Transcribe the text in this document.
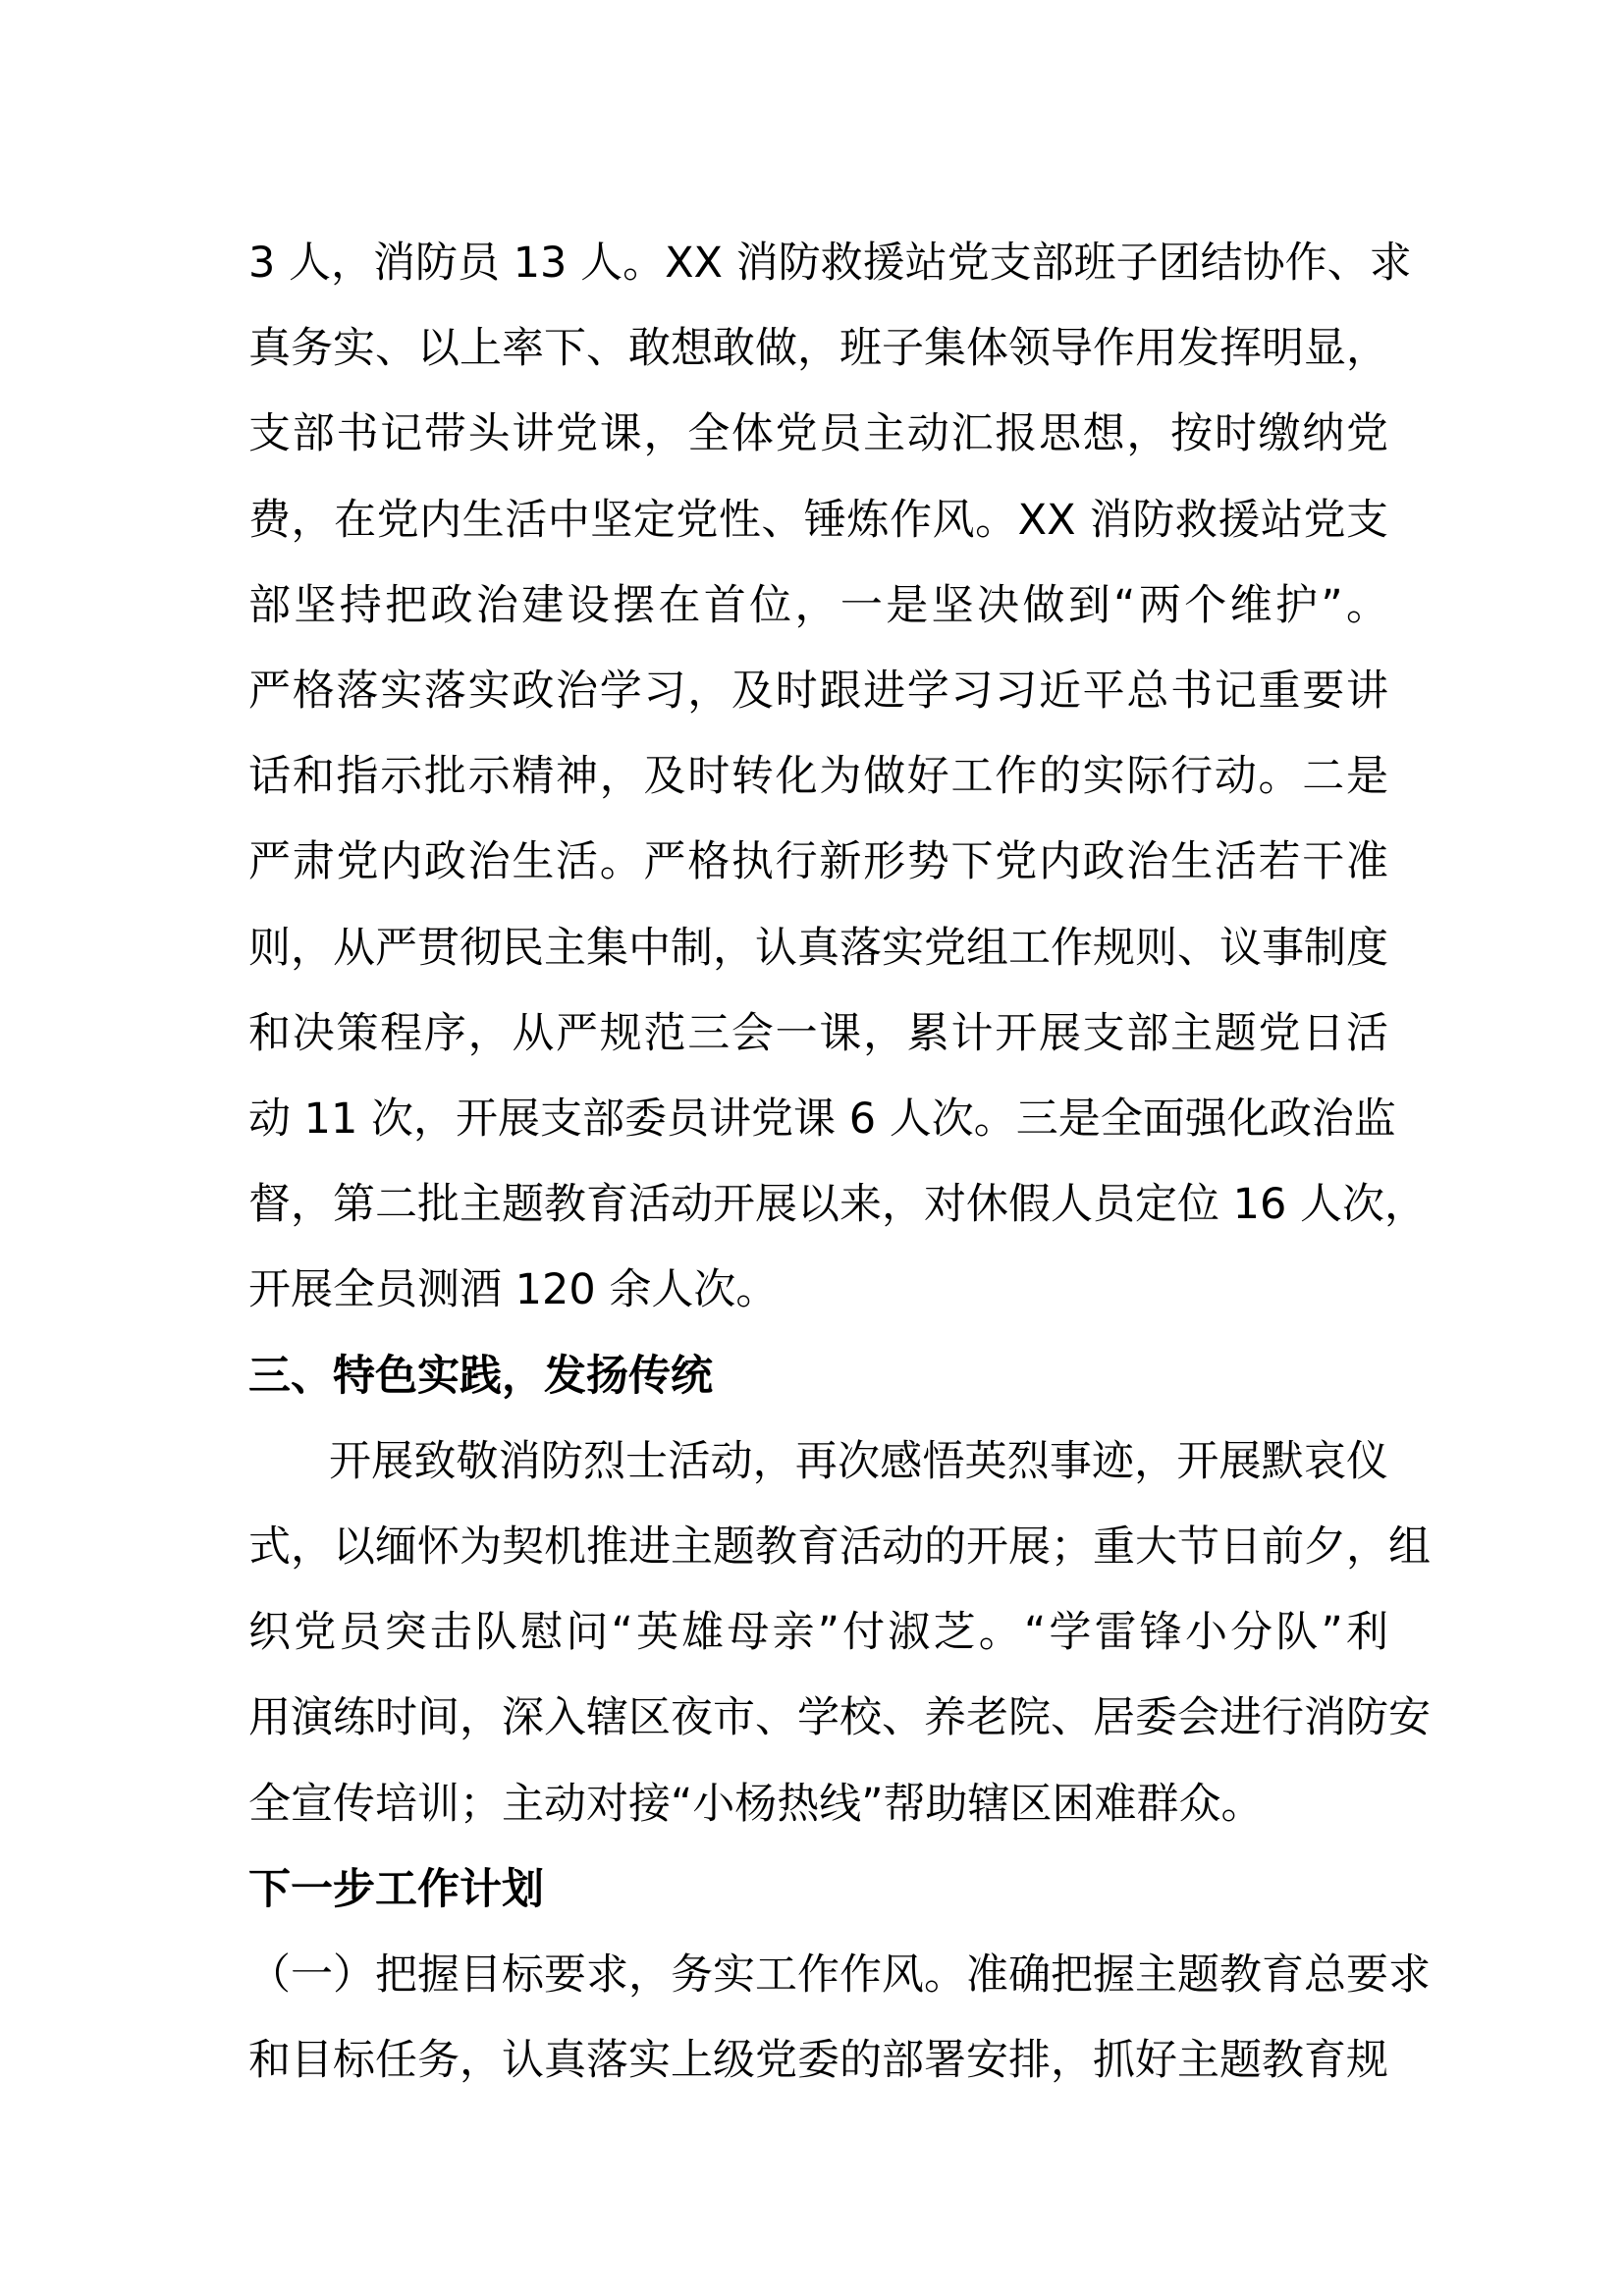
3 人，消防员 13 人。XX 消防救援站党支部班子团结协作、求
真务实、以上率下、敢想敢做，班子集体领导作用发挥明显，
支部书记带头讲党课，全体党员主动汇报思想，按时缴纳党
费，在党内生活中坚定党性、锤炼作风。XX 消防救援站党支
部坚持把政治建设摆在首位，一是坚决做到“两个维护”。
严格落实落实政治学习，及时跟进学习习近平总书记重要讲
话和指示批示精神，及时转化为做好工作的实际行动。二是
严肃党内政治生活。严格执行新形势下党内政治生活若干准
则，从严贯彻民主集中制，认真落实党组工作规则、议事制度
和决策程序，从严规范三会一课，累计开展支部主题党日活
动 11 次，开展支部委员讲党课 6 人次。三是全面强化政治监
督，第二批主题教育活动开展以来，对休假人员定位 16 人次，
开展全员测酒 120 余人次。
三、特色实践，发扬传统
开展致敬消防烈士活动，再次感悟英烈事迹，开展默哀仪
式，以缅怀为契机推进主题教育活动的开展；重大节日前夕，组
织党员突击队慰问“英雄母亲”付淑芝。“学雷锋小分队”利
用演练时间，深入辖区夜市、学校、养老院、居委会进行消防安
全宣传培训；主动对接“小杨热线”帮助辖区困难群众。
下一步工作计划
（一）把握目标要求，务实工作作风。准确把握主题教育总要求
和目标任务，认真落实上级党委的部署安排，抓好主题教育规
